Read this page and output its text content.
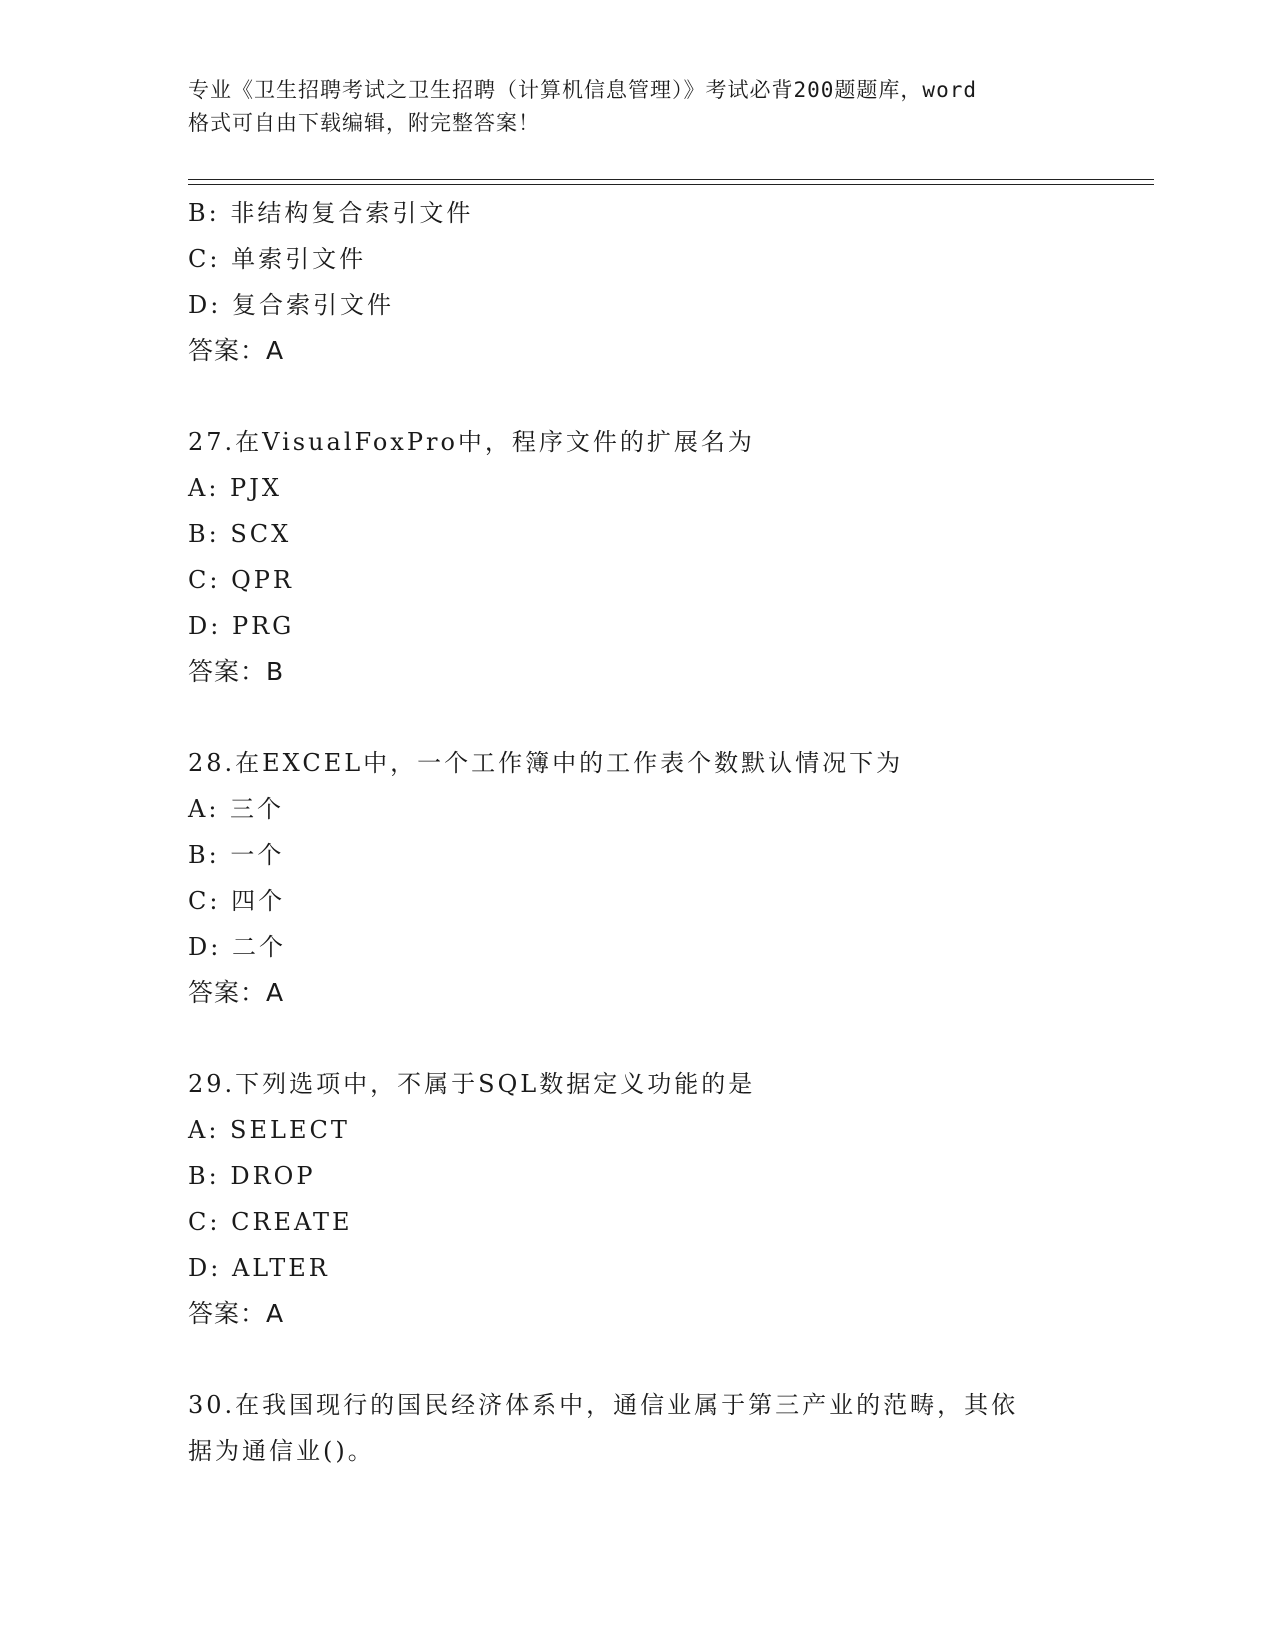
专业《卫生招聘考试之卫生招聘（计算机信息管理）》考试必背200题题库，word
格式可自由下载编辑，附完整答案！
B: 非结构复合索引文件
C: 单索引文件
D: 复合索引文件
答案：A
27.在VisualFoxPro中，程序文件的扩展名为
A: PJX
B: SCX
C: QPR
D: PRG
答案：B
28.在EXCEL中，一个工作簿中的工作表个数默认情况下为
A: 三个
B: 一个
C: 四个
D: 二个
答案：A
29.下列选项中，不属于SQL数据定义功能的是
A: SELECT
B: DROP
C: CREATE
D: ALTER
答案：A
30.在我国现行的国民经济体系中，通信业属于第三产业的范畴，其依
据为通信业()。
